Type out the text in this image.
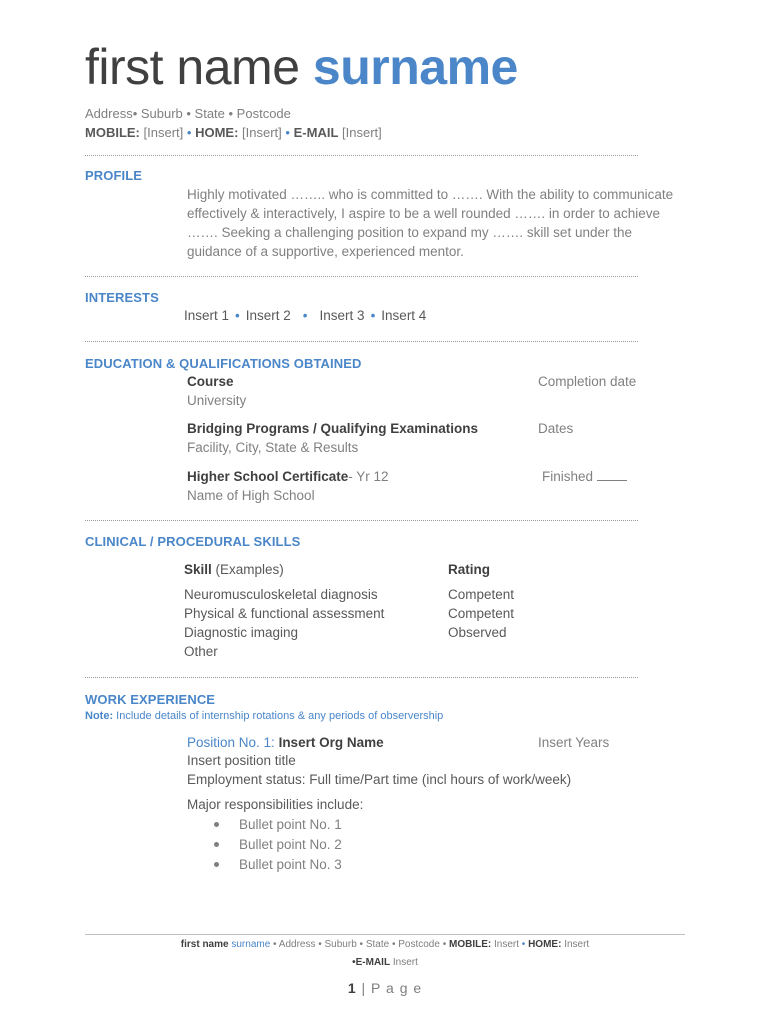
first name surname
Address• Suburb • State • Postcode
MOBILE: [Insert] • HOME: [Insert] • E-MAIL [Insert]
PROFILE
Highly motivated …….. who is committed to ……. With the ability to communicate
effectively & interactively, I aspire to be a well rounded ……. in order to achieve
……. Seeking a challenging position to expand my ……. skill set under the
guidance of a supportive, experienced mentor.
INTERESTS
Insert 1 • Insert 2 • Insert 3 • Insert 4
EDUCATION & QUALIFICATIONS OBTAINED
Course
University
Completion date
Bridging Programs / Qualifying Examinations
Facility, City, State & Results
Dates
Higher School Certificate- Yr 12
Name of High School
Finished
CLINICAL / PROCEDURAL SKILLS
Skill (Examples)	Rating
Neuromusculoskeletal diagnosis
Physical & functional assessment
Diagnostic imaging
Other
Competent
Competent
Observed
WORK EXPERIENCE
Note: Include details of internship rotations & any periods of observership
Position No. 1: Insert Org Name	Insert Years
Insert position title
Employment status: Full time/Part time (incl hours of work/week)
Major responsibilities include:
Bullet point No. 1
Bullet point No. 2
Bullet point No. 3
first name surname • Address • Suburb • State • Postcode • MOBILE: Insert • HOME: Insert
•E-MAIL Insert
1 | P a g e
